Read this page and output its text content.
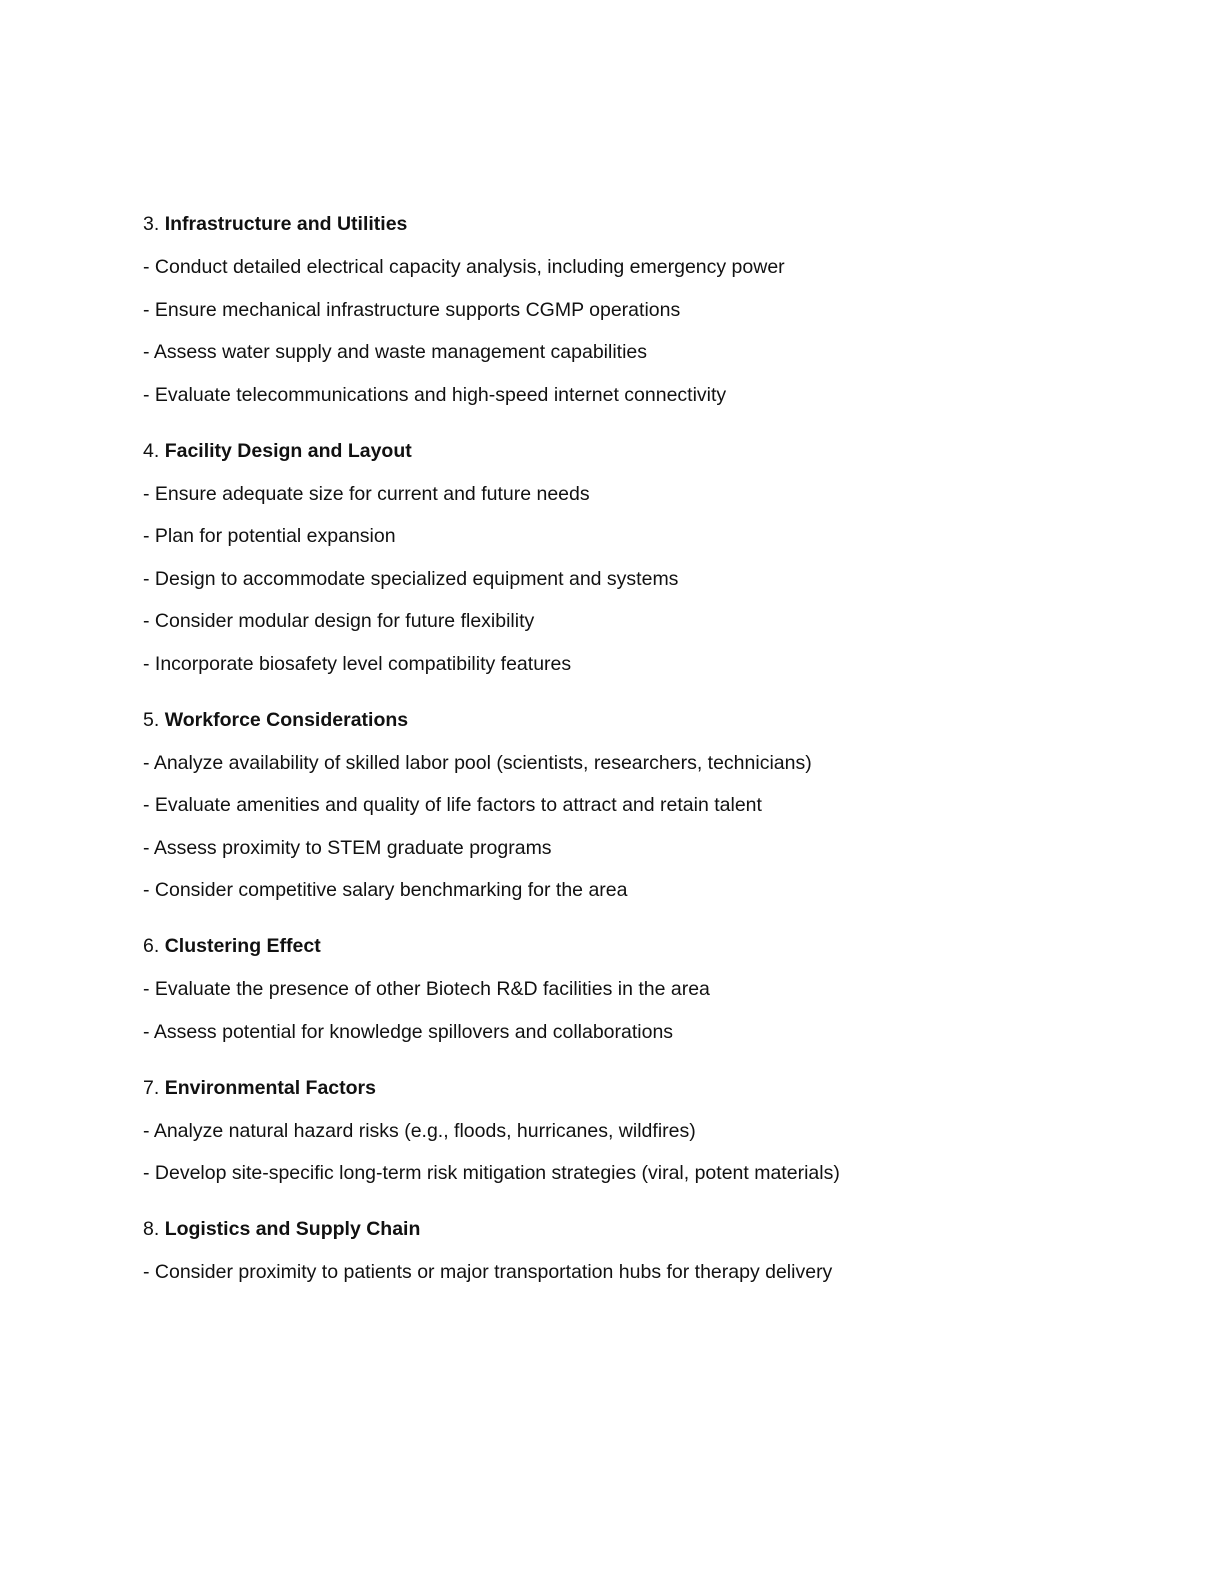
3. Infrastructure and Utilities
- Conduct detailed electrical capacity analysis, including emergency power
- Ensure mechanical infrastructure supports CGMP operations
- Assess water supply and waste management capabilities
- Evaluate telecommunications and high-speed internet connectivity
4. Facility Design and Layout
- Ensure adequate size for current and future needs
- Plan for potential expansion
- Design to accommodate specialized equipment and systems
- Consider modular design for future flexibility
- Incorporate biosafety level compatibility features
5. Workforce Considerations
- Analyze availability of skilled labor pool (scientists, researchers, technicians)
- Evaluate amenities and quality of life factors to attract and retain talent
- Assess proximity to STEM graduate programs
- Consider competitive salary benchmarking for the area
6. Clustering Effect
- Evaluate the presence of other Biotech R&D facilities in the area
- Assess potential for knowledge spillovers and collaborations
7. Environmental Factors
- Analyze natural hazard risks (e.g., floods, hurricanes, wildfires)
- Develop site-specific long-term risk mitigation strategies (viral, potent materials)
8. Logistics and Supply Chain
- Consider proximity to patients or major transportation hubs for therapy delivery
